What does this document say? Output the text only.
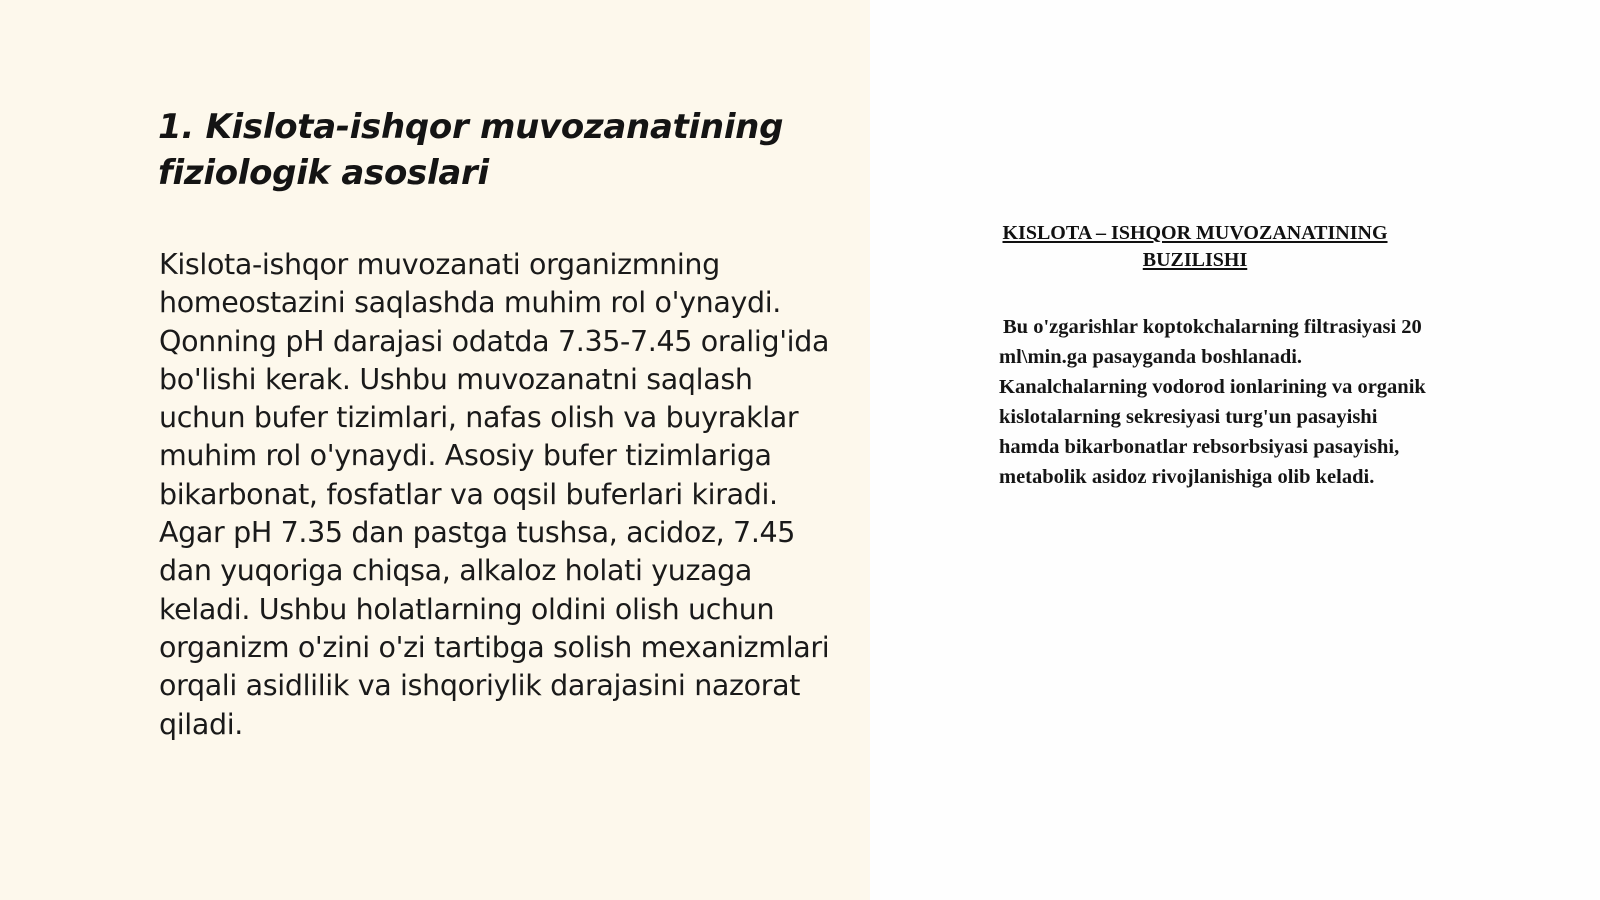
1. Kislota-ishqor muvozanatining fiziologik asoslari

Kislota-ishqor muvozanati organizmning homeostazini saqlashda muhim rol o'ynaydi. Qonning pH darajasi odatda 7.35-7.45 oralig'ida bo'lishi kerak. Ushbu muvozanatni saqlash uchun bufer tizimlari, nafas olish va buyraklar muhim rol o'ynaydi. Asosiy bufer tizimlariga bikarbonat, fosfatlar va oqsil buferlari kiradi. Agar pH 7.35 dan pastga tushsa, acidoz, 7.45 dan yuqoriga chiqsa, alkaloz holati yuzaga keladi. Ushbu holatlarning oldini olish uchun organizm o'zini o'zi tartibga solish mexanizmlari orqali asidlilik va ishqoriylik darajasini nazorat qiladi.

KISLOTA – ISHQOR MUVOZANATINING BUZILISHI

Bu o'zgarishlar koptokchalarning filtrasiyasi 20 ml\min.ga pasayganda boshlanadi. Kanalchalarning vodorod ionlarining va organik kislotalarning sekresiyasi turg'un pasayishi hamda bikarbonatlar rebsorbsiyasi pasayishi, metabolik asidoz rivojlanishiga olib keladi.
